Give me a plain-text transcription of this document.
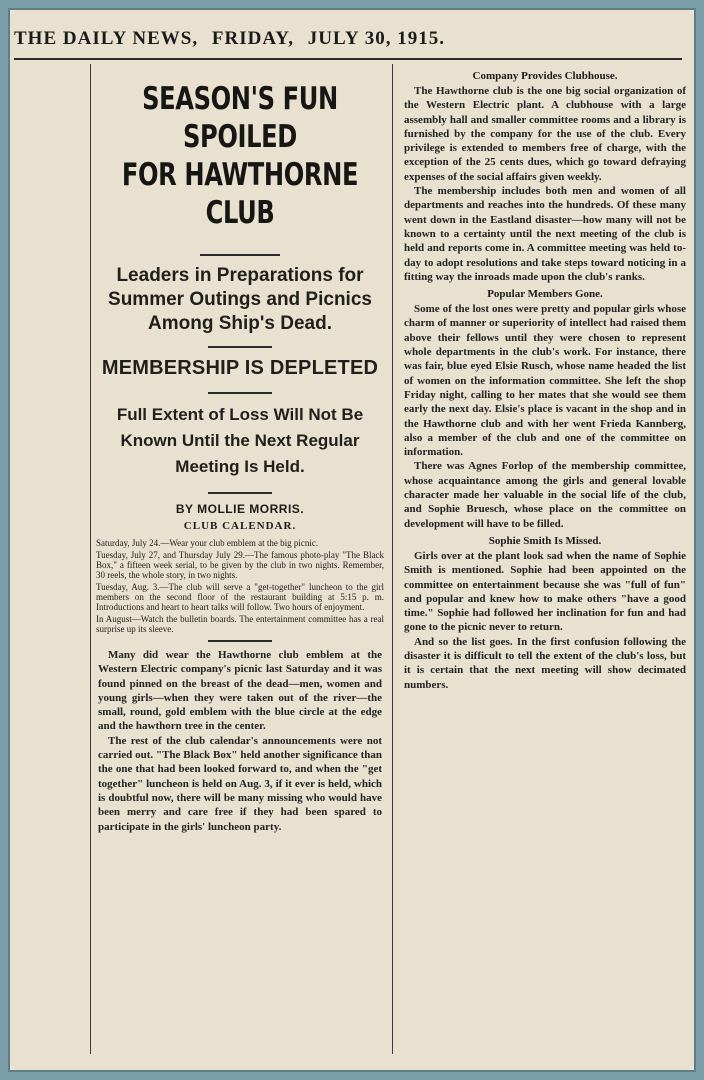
THE DAILY NEWS, FRIDAY, JULY 30, 1915.
SEASON'S FUN SPOILED
FOR HAWTHORNE CLUB
Leaders in Preparations for Summer Outings and Picnics Among Ship's Dead.
MEMBERSHIP IS DEPLETED
Full Extent of Loss Will Not Be Known Until the Next Regular Meeting Is Held.
BY MOLLIE MORRIS.
CLUB CALENDAR.
Saturday, July 24.—Wear your club emblem at the big picnic.
Tuesday, July 27, and Thursday July 29.—The famous photo-play "The Black Box," a fifteen week serial, to be given by the club in two nights. Remember, 30 reels, the whole story, in two nights.
Tuesday, Aug. 3.—The club will serve a "get-together" luncheon to the girl members on the second floor of the restaurant building at 5:15 p. m. Introductions and heart to heart talks will follow. Two hours of enjoyment.
In August—Watch the bulletin boards. The entertainment committee has a real surprise up its sleeve.

Many did wear the Hawthorne club emblem at the Western Electric company's picnic last Saturday and it was found pinned on the breast of the dead—men, women and young girls—when they were taken out of the river—the small, round, gold emblem with the blue circle at the edge and the hawthorn tree in the center.

The rest of the club calendar's announcements were not carried out. "The Black Box" held another significance than the one that had been looked forward to, and when the "get together" luncheon is held on Aug. 3, if it ever is held, which is doubtful now, there will be many missing who would have been merry and care free if they had been spared to participate in the girls' luncheon party.

Company Provides Clubhouse.

The Hawthorne club is the one big social organization of the Western Electric plant. A clubhouse with a large assembly hall and smaller committee rooms and a library is furnished by the company for the use of the club. Every privilege is extended to members free of charge, with the exception of the 25 cents dues, which go toward defraying expenses of the social affairs given weekly.

The membership includes both men and women of all departments and reaches into the hundreds. Of these many went down in the Eastland disaster—how many will not be known to a certainty until the next meeting of the club is held and reports come in. A committee meeting was held to-day to adopt resolutions and take steps toward noticing in a fitting way the inroads made upon the club's ranks.

Popular Members Gone.

Some of the lost ones were pretty and popular girls whose charm of manner or superiority of intellect had raised them above their fellows until they were chosen to represent whole departments in the club's work. For instance, there was fair, blue eyed Elsie Rusch, whose name headed the list of women on the information committee. She left the shop Friday night, calling to her mates that she would see them early the next day. Elsie's place is vacant in the shop and in the Hawthorne club and with her went Frieda Kannberg, also a member of the club and one of the committee on information.

There was Agnes Forlop of the membership committee, whose acquaintance among the girls and general lovable character made her valuable in the social life of the club, and Sophie Bruesch, whose place on the committee on development will have to be filled.

Sophie Smith Is Missed.

Girls over at the plant look sad when the name of Sophie Smith is mentioned. Sophie had been appointed on the committee on entertainment because she was "full of fun" and popular and knew how to make others "have a good time." Sophie had followed her inclination for fun and had gone to the picnic never to return.

And so the list goes. In the first confusion following the disaster it is difficult to tell the extent of the club's loss, but it is certain that the next meeting will show decimated numbers.
